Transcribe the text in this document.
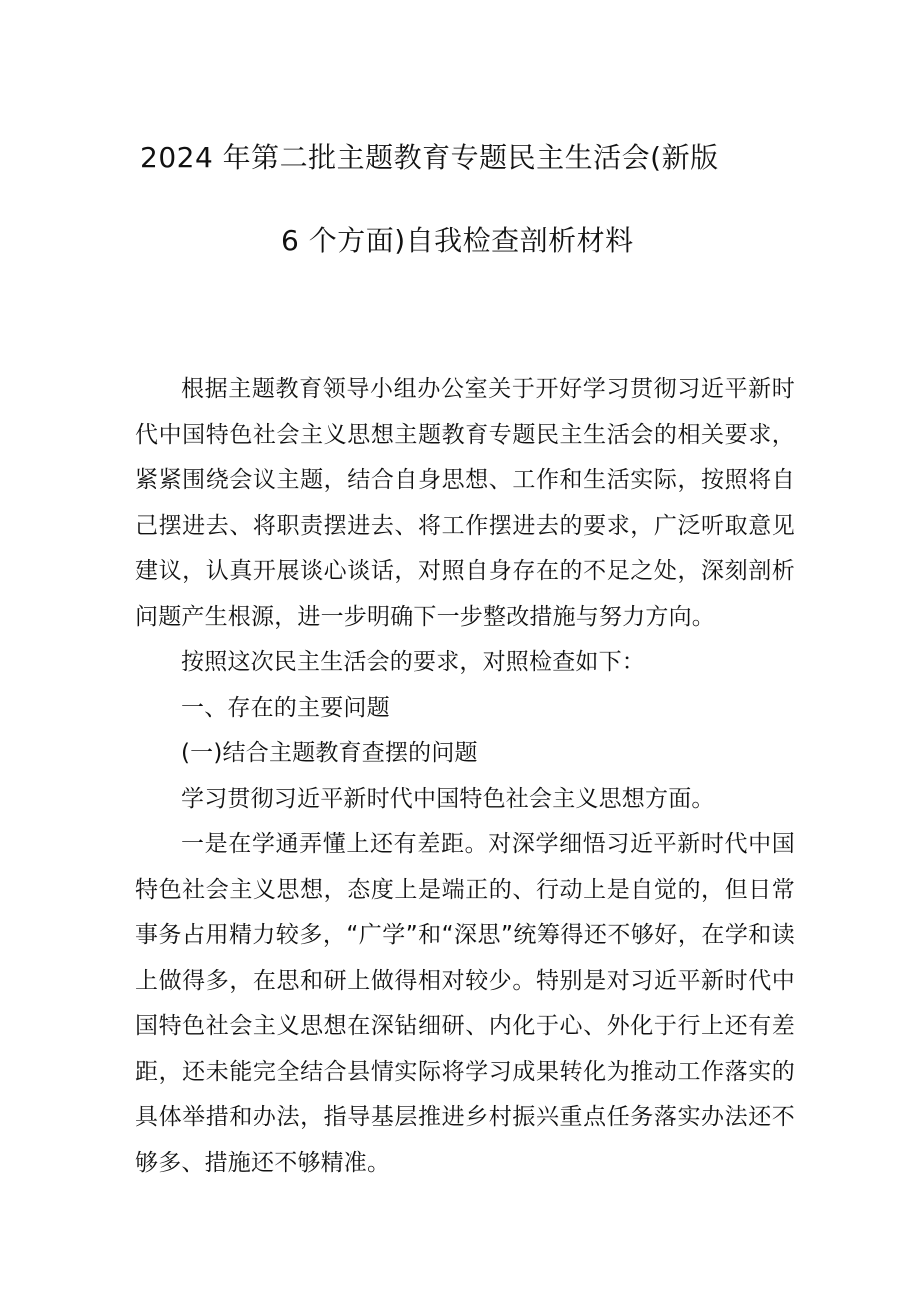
2024 年第二批主题教育专题民主生活会(新版
6 个方面)自我检查剖析材料

根据主题教育领导小组办公室关于开好学习贯彻习近平新时代中国特色社会主义思想主题教育专题民主生活会的相关要求，紧紧围绕会议主题，结合自身思想、工作和生活实际，按照将自己摆进去、将职责摆进去、将工作摆进去的要求，广泛听取意见建议，认真开展谈心谈话，对照自身存在的不足之处，深刻剖析问题产生根源，进一步明确下一步整改措施与努力方向。

按照这次民主生活会的要求，对照检查如下：

一、存在的主要问题

(一)结合主题教育查摆的问题

学习贯彻习近平新时代中国特色社会主义思想方面。

一是在学通弄懂上还有差距。对深学细悟习近平新时代中国特色社会主义思想，态度上是端正的、行动上是自觉的，但日常事务占用精力较多，“广学”和“深思”统筹得还不够好，在学和读上做得多，在思和研上做得相对较少。特别是对习近平新时代中国特色社会主义思想在深钻细研、内化于心、外化于行上还有差距，还未能完全结合县情实际将学习成果转化为推动工作落实的具体举措和办法，指导基层推进乡村振兴重点任务落实办法还不够多、措施还不够精准。
